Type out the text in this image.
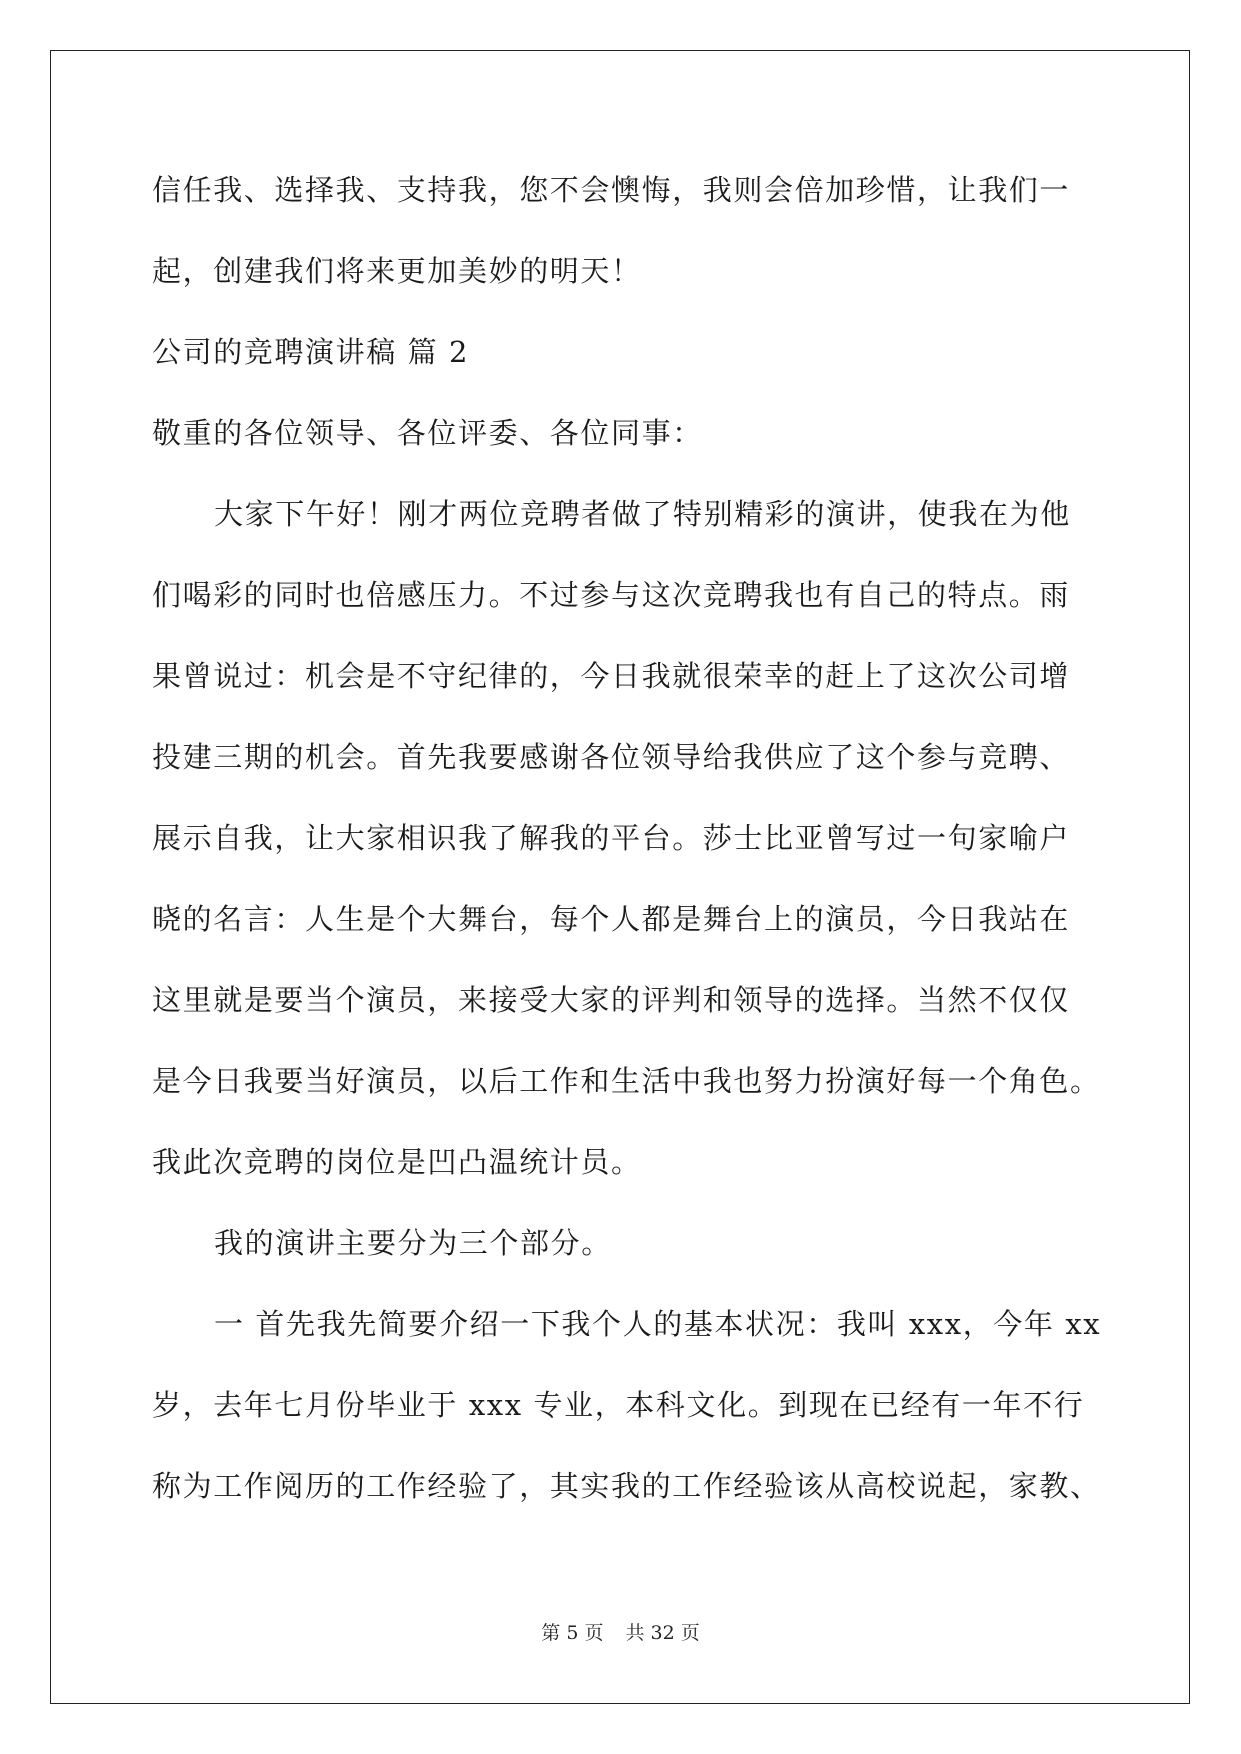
信任我、选择我、支持我，您不会懊悔，我则会倍加珍惜，让我们一
起，创建我们将来更加美妙的明天！
公司的竞聘演讲稿 篇 2
敬重的各位领导、各位评委、各位同事：
大家下午好！刚才两位竞聘者做了特别精彩的演讲，使我在为他
们喝彩的同时也倍感压力。不过参与这次竞聘我也有自己的特点。雨
果曾说过：机会是不守纪律的，今日我就很荣幸的赶上了这次公司增
投建三期的机会。首先我要感谢各位领导给我供应了这个参与竞聘、
展示自我，让大家相识我了解我的平台。莎士比亚曾写过一句家喻户
晓的名言：人生是个大舞台，每个人都是舞台上的演员，今日我站在
这里就是要当个演员，来接受大家的评判和领导的选择。当然不仅仅
是今日我要当好演员，以后工作和生活中我也努力扮演好每一个角色。
我此次竞聘的岗位是凹凸温统计员。
我的演讲主要分为三个部分。
一 首先我先简要介绍一下我个人的基本状况：我叫 xxx，今年 xx
岁，去年七月份毕业于 xxx 专业，本科文化。到现在已经有一年不行
称为工作阅历的工作经验了，其实我的工作经验该从高校说起，家教、
第 5 页 共 32 页
